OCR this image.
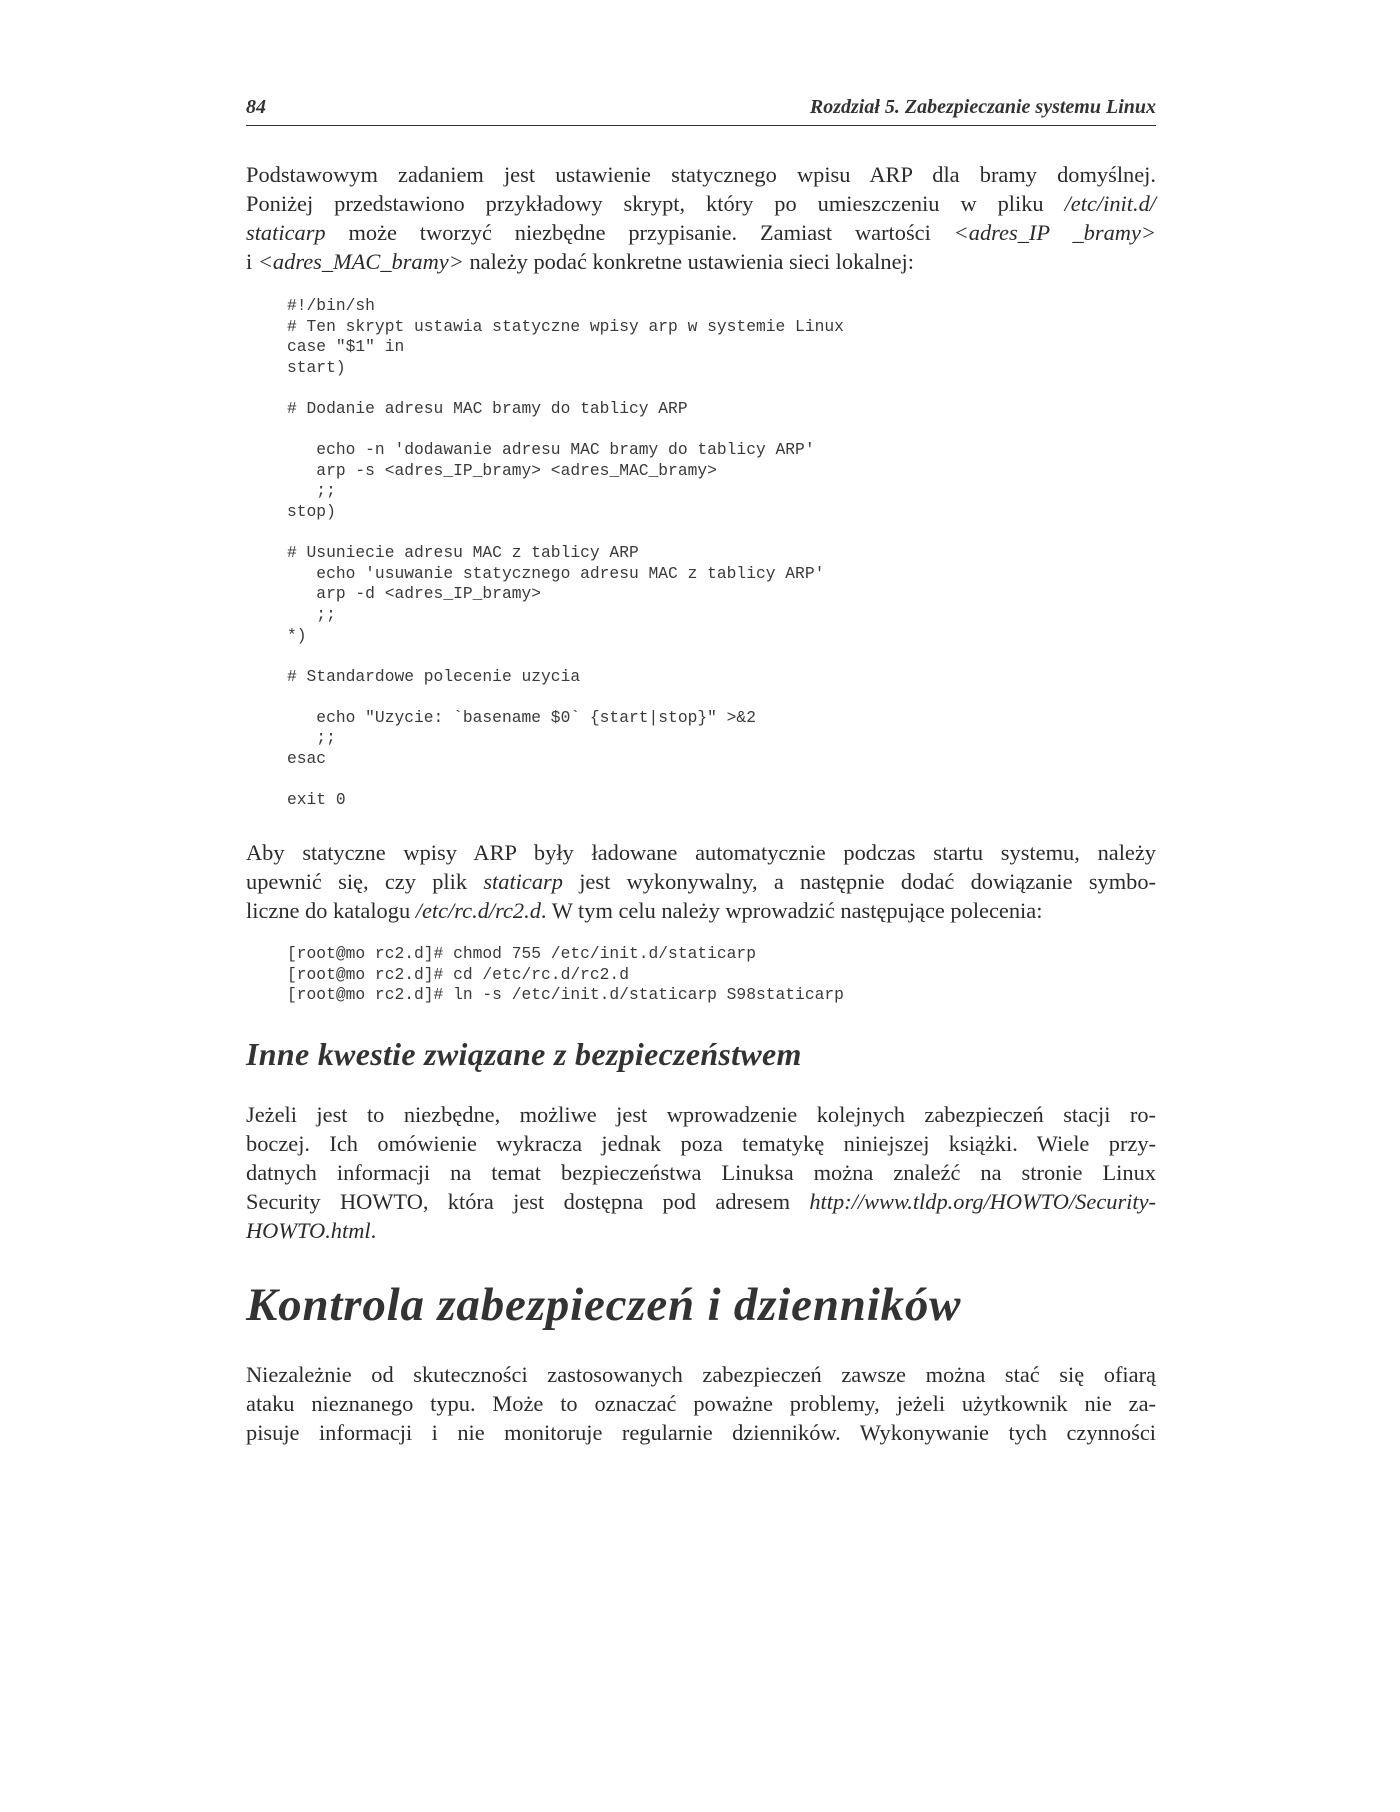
84	Rozdział 5. Zabezpieczanie systemu Linux

Podstawowym zadaniem jest ustawienie statycznego wpisu ARP dla bramy domyślnej.
Poniżej przedstawiono przykładowy skrypt, który po umieszczeniu w pliku /etc/init.d/
staticarp może tworzyć niezbędne przypisanie. Zamiast wartości <adres_IP _bramy>
i <adres_MAC_bramy> należy podać konkretne ustawienia sieci lokalnej:

#!/bin/sh
# Ten skrypt ustawia statyczne wpisy arp w systemie Linux
case "$1" in
start)
# Dodanie adresu MAC bramy do tablicy ARP
echo -n 'dodawanie adresu MAC bramy do tablicy ARP'
arp -s <adres_IP_bramy> <adres_MAC_bramy>
;;
stop)
# Usuniecie adresu MAC z tablicy ARP
echo 'usuwanie statycznego adresu MAC z tablicy ARP'
arp -d <adres_IP_bramy>
;;
*)
# Standardowe polecenie uzycia
echo "Uzycie: `basename $0` {start|stop}" >&2
;;
esac
exit 0

Aby statyczne wpisy ARP były ładowane automatycznie podczas startu systemu, należy
upewnić się, czy plik staticarp jest wykonywalny, a następnie dodać dowiązanie symbo-
liczne do katalogu /etc/rc.d/rc2.d. W tym celu należy wprowadzić następujące polecenia:

[root@mo rc2.d]# chmod 755 /etc/init.d/staticarp
[root@mo rc2.d]# cd /etc/rc.d/rc2.d
[root@mo rc2.d]# ln -s /etc/init.d/staticarp S98staticarp
Inne kwestie związane z bezpieczeństwem

Jeżeli jest to niezbędne, możliwe jest wprowadzenie kolejnych zabezpieczeń stacji ro-
boczej. Ich omówienie wykracza jednak poza tematykę niniejszej książki. Wiele przy-
datnych informacji na temat bezpieczeństwa Linuksa można znaleźć na stronie Linux
Security HOWTO, która jest dostępna pod adresem http://www.tldp.org/HOWTO/Security-
HOWTO.html.

Kontrola zabezpieczeń i dzienników

Niezależnie od skuteczności zastosowanych zabezpieczeń zawsze można stać się ofiarą
ataku nieznanego typu. Może to oznaczać poważne problemy, jeżeli użytkownik nie za-
pisuje informacji i nie monitoruje regularnie dzienników. Wykonywanie tych czynności
